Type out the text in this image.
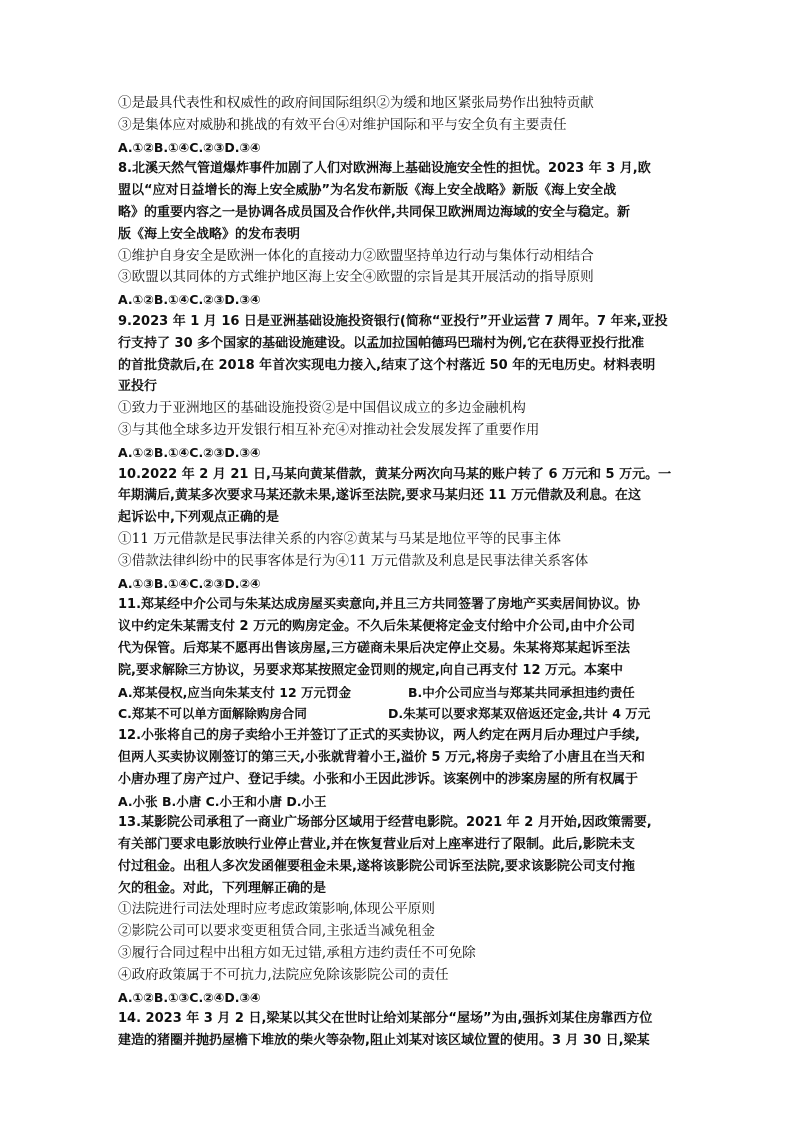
①是最具代表性和权威性的政府间国际组织②为缓和地区紧张局势作出独特贡献
③是集体应对威胁和挑战的有效平台④对维护国际和平与安全负有主要责任
A.①②B.①④C.②③D.③④
8.北溪天然气管道爆炸事件加剧了人们对欧洲海上基础设施安全性的担忧。2023 年 3 月,欧
盟以“应对日益增长的海上安全威胁”为名发布新版《海上安全战略》新版《海上安全战
略》的重要内容之一是协调各成员国及合作伙伴,共同保卫欧洲周边海域的安全与稳定。新
版《海上安全战略》的发布表明
①维护自身安全是欧洲一体化的直接动力②欧盟坚持单边行动与集体行动相结合
③欧盟以其同体的方式维护地区海上安全④欧盟的宗旨是其开展活动的指导原则
A.①②B.①④C.②③D.③④
9.2023 年 1 月 16 日是亚洲基础设施投资银行(简称“亚投行”开业运营 7 周年。7 年来,亚投
行支持了 30 多个国家的基础设施建设。以孟加拉国帕德玛巴瑞村为例,它在获得亚投行批准
的首批贷款后,在 2018 年首次实现电力接入,结束了这个村落近 50 年的无电历史。材料表明
亚投行
①致力于亚洲地区的基础设施投资②是中国倡议成立的多边金融机构
③与其他全球多边开发银行相互补充④对推动社会发展发挥了重要作用
A.①②B.①④C.②③D.③④
10.2022 年 2 月 21 日,马某向黄某借款，黄某分两次向马某的账户转了 6 万元和 5 万元。一
年期满后,黄某多次要求马某还款未果,遂诉至法院,要求马某归还 11 万元借款及利息。在这
起诉讼中,下列观点正确的是
①11 万元借款是民事法律关系的内容②黄某与马某是地位平等的民事主体
③借款法律纠纷中的民事客体是行为④11 万元借款及利息是民事法律关系客体
A.①③B.①④C.②③D.②④
11.郑某经中介公司与朱某达成房屋买卖意向,并且三方共同签署了房地产买卖居间协议。协
议中约定朱某需支付 2 万元的购房定金。不久后朱某便将定金支付给中介公司,由中介公司
代为保管。后郑某不愿再出售该房屋,三方磋商未果后决定停止交易。朱某将郑某起诉至法
院,要求解除三方协议，另要求郑某按照定金罚则的规定,向自己再支付 12 万元。本案中
A.郑某侵权,应当向朱某支付 12 万元罚金	B.中介公司应当与郑某共同承担违约责任
C.郑某不可以单方面解除购房合同	D.朱某可以要求郑某双倍返还定金,共计 4 万元
12.小张将自己的房子卖给小王并签订了正式的买卖协议，两人约定在两月后办理过户手续,
但两人买卖协议刚签订的第三天,小张就背着小王,溢价 5 万元,将房子卖给了小唐且在当天和
小唐办理了房产过户、登记手续。小张和小王因此涉诉。该案例中的涉案房屋的所有权属于
A.小张 B.小唐 C.小王和小唐 D.小王
13.某影院公司承租了一商业广场部分区域用于经营电影院。2021 年 2 月开始,因政策需要,
有关部门要求电影放映行业停止营业,并在恢复营业后对上座率进行了限制。此后,影院未支
付过租金。出租人多次发函催要租金未果,遂将该影院公司诉至法院,要求该影院公司支付拖
欠的租金。对此，下列理解正确的是
①法院进行司法处理时应考虑政策影响,体现公平原则
②影院公司可以要求变更租赁合同,主张适当减免租金
③履行合同过程中出租方如无过错,承租方违约责任不可免除
④政府政策属于不可抗力,法院应免除该影院公司的责任
A.①②B.①③C.②④D.③④
14. 2023 年 3 月 2 日,梁某以其父在世时让给刘某部分“屋场”为由,强拆刘某住房靠西方位
建造的猪圈并抛扔屋檐下堆放的柴火等杂物,阻止刘某对该区域位置的使用。3 月 30 日,梁某
